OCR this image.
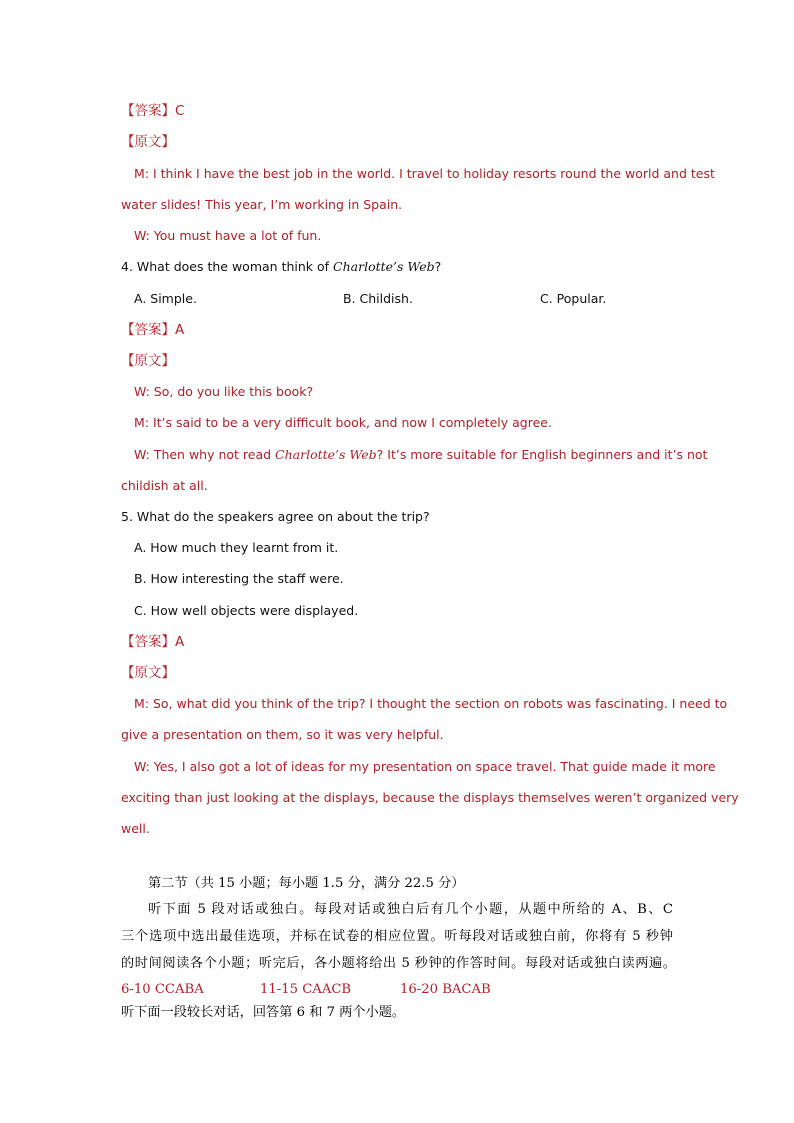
【答案】C
【原文】
M: I think I have the best job in the world. I travel to holiday resorts round the world and test
water slides! This year, I’m working in Spain.
W: You must have a lot of fun.
4. What does the woman think of Charlotte’s Web?
A. Simple.	B. Childish.	C. Popular.
【答案】A
【原文】
W: So, do you like this book?
M: It’s said to be a very difficult book, and now I completely agree.
W: Then why not read Charlotte’s Web? It’s more suitable for English beginners and it’s not
childish at all.
5. What do the speakers agree on about the trip?
A. How much they learnt from it.
B. How interesting the staff were.
C. How well objects were displayed.
【答案】A
【原文】
M: So, what did you think of the trip? I thought the section on robots was fascinating. I need to
give a presentation on them, so it was very helpful.
W: Yes, I also got a lot of ideas for my presentation on space travel. That guide made it more
exciting than just looking at the displays, because the displays themselves weren’t organized very
well.
第二节（共 15 小题；每小题 1.5 分，满分 22.5 分）
听下面 5 段对话或独白。每段对话或独白后有几个小题，从题中所给的 A、B、C
三个选项中选出最佳选项，并标在试卷的相应位置。听每段对话或独白前，你将有 5 秒钟
的时间阅读各个小题；听完后，各小题将给出 5 秒钟的作答时间。每段对话或独白读两遍。
6-10 CCABA	11-15 CAACB	16-20 BACAB
听下面一段较长对话，回答第 6 和 7 两个小题。
